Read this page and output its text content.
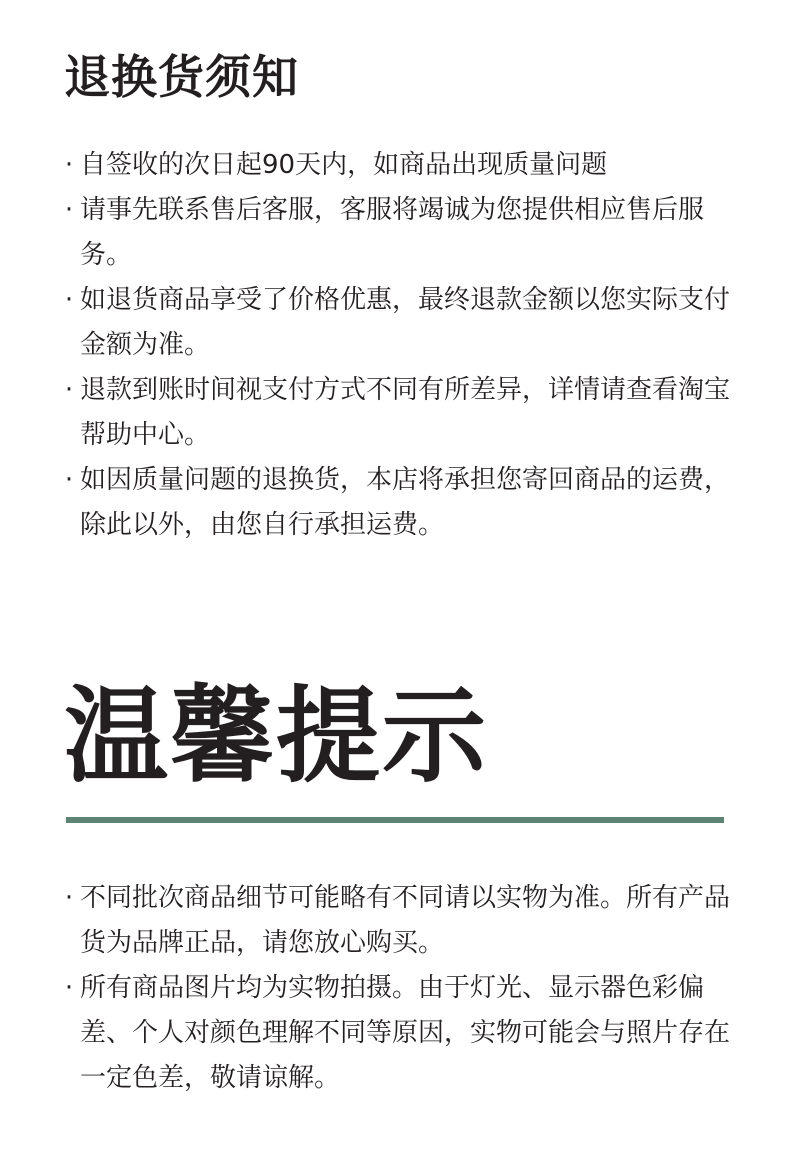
退换货须知
· 自签收的次日起90天内，如商品出现质量问题
· 请事先联系售后客服，客服将竭诚为您提供相应售后服务。
· 如退货商品享受了价格优惠，最终退款金额以您实际支付金额为准。
· 退款到账时间视支付方式不同有所差异，详情请查看淘宝帮助中心。
· 如因质量问题的退换货，本店将承担您寄回商品的运费，除此以外，由您自行承担运费。
温馨提示
· 不同批次商品细节可能略有不同请以实物为准。所有产品货为品牌正品，请您放心购买。
· 所有商品图片均为实物拍摄。由于灯光、显示器色彩偏差、个人对颜色理解不同等原因，实物可能会与照片存在一定色差，敬请谅解。
